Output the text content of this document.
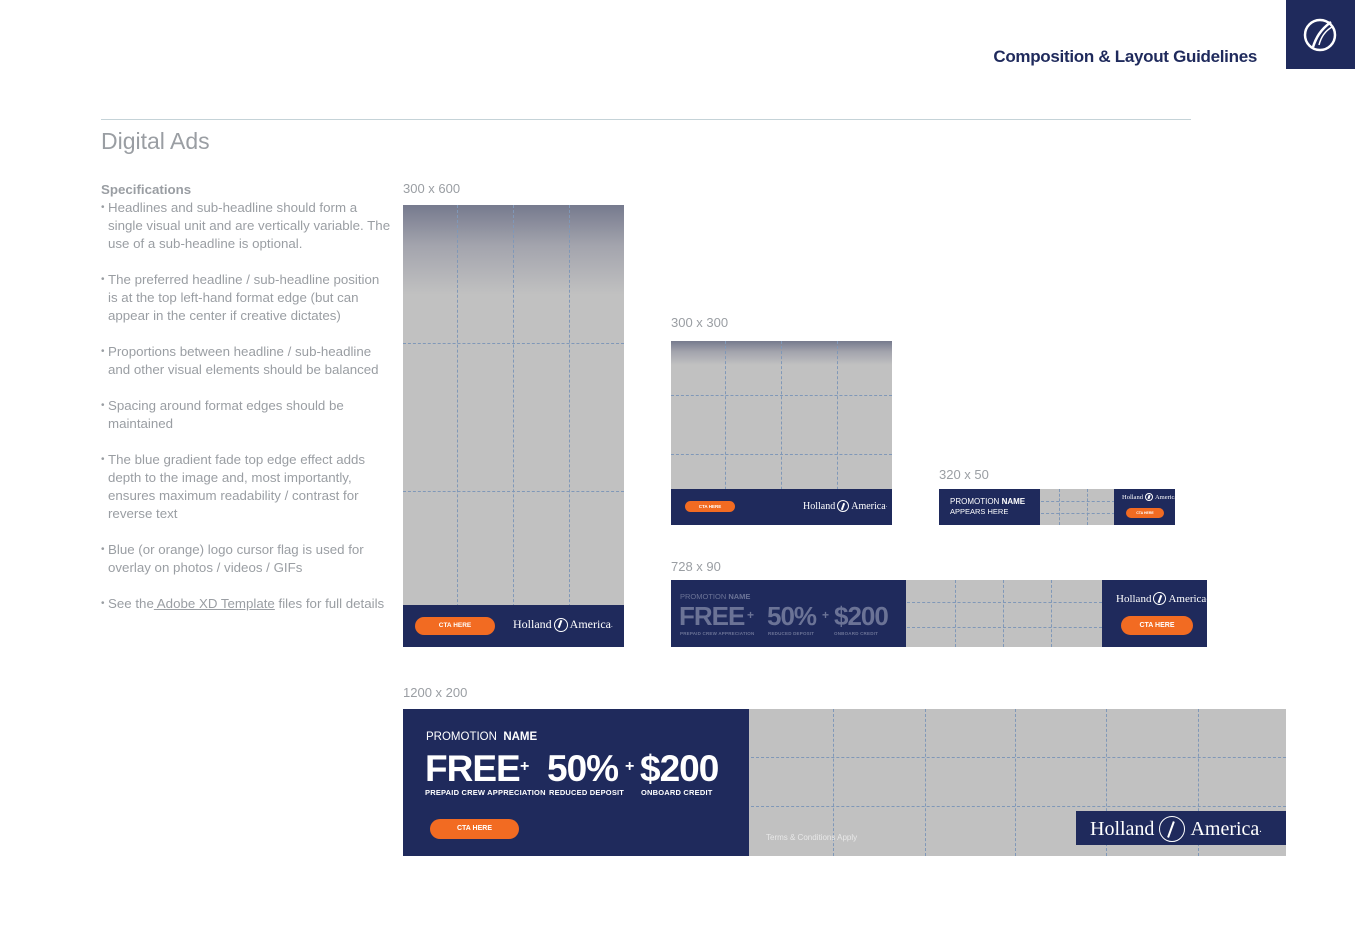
Composition & Layout Guidelines
Digital Ads
Specifications
• Headlines and sub-headline should form a single visual unit and are vertically variable. The use of a sub-headline is optional.
• The preferred headline / sub-headline position is at the top left-hand format edge (but can appear in the center if creative dictates)
• Proportions between headline / sub-headline and other visual elements should be balanced
• Spacing around format edges should be maintained
• The blue gradient fade top edge effect adds depth to the image and, most importantly, ensures maximum readability / contrast for reverse text
• Blue (or orange) logo cursor flag is used for overlay on photos / videos / GIFs
• See the Adobe XD Template files for full details
300 x 600
CTA HERE	Holland America .
300 x 300
CTA HERE	Holland America .
320 x 50
PROMOTION NAME
APPEARS HERE
Holland America
CTA HERE
728 x 90
PROMOTION NAME
FREE + 50% + $200
PREPAID CREW APPRECIATION	REDUCED DEPOSIT	ONBOARD CREDIT
Holland America .
CTA HERE
1200 x 200
PROMOTION NAME
FREE + 50% + $200
PREPAID CREW APPRECIATION REDUCED DEPOSIT ONBOARD CREDIT
CTA HERE
Terms & Conditions Apply	Holland America .
